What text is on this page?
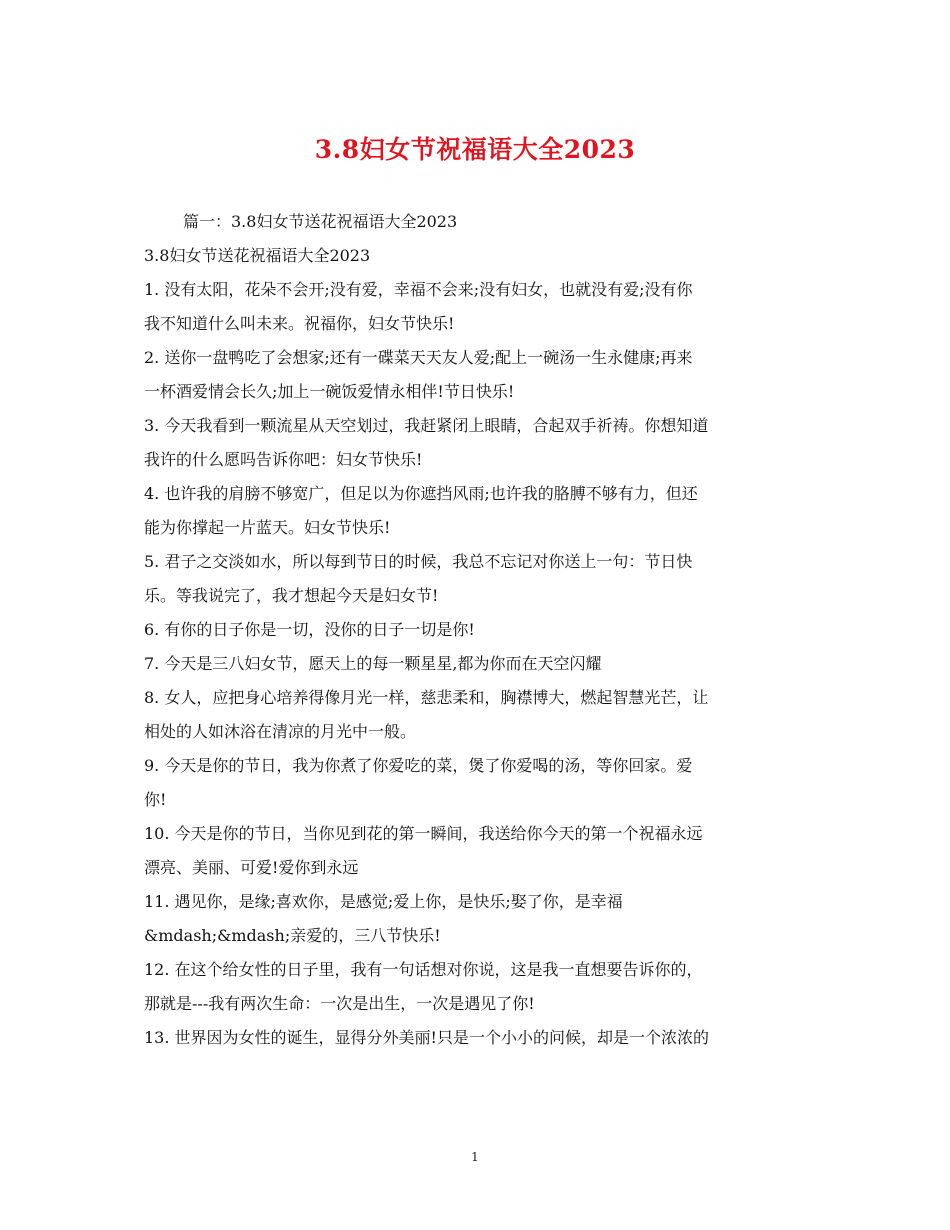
3.8妇女节祝福语大全2023

篇一：3.8妇女节送花祝福语大全2023

3.8妇女节送花祝福语大全2023

1. 没有太阳，花朵不会开;没有爱，幸福不会来;没有妇女，也就没有爱;没有你
我不知道什么叫未来。祝福你，妇女节快乐!
2. 送你一盘鸭吃了会想家;还有一碟菜天天友人爱;配上一碗汤一生永健康;再来
一杯酒爱情会长久;加上一碗饭爱情永相伴!节日快乐!
3. 今天我看到一颗流星从天空划过，我赶紧闭上眼睛，合起双手祈祷。你想知道
我许的什么愿吗告诉你吧：妇女节快乐!
4. 也许我的肩膀不够宽广，但足以为你遮挡风雨;也许我的胳膊不够有力，但还
能为你撑起一片蓝天。妇女节快乐!
5. 君子之交淡如水，所以每到节日的时候，我总不忘记对你送上一句：节日快
乐。等我说完了，我才想起今天是妇女节!
6. 有你的日子你是一切，没你的日子一切是你!
7. 今天是三八妇女节，愿天上的每一颗星星,都为你而在天空闪耀
8. 女人，应把身心培养得像月光一样，慈悲柔和，胸襟博大，燃起智慧光芒，让
相处的人如沐浴在清凉的月光中一般。
9. 今天是你的节日，我为你煮了你爱吃的菜，煲了你爱喝的汤，等你回家。爱
你!
10. 今天是你的节日，当你见到花的第一瞬间，我送给你今天的第一个祝福永远
漂亮、美丽、可爱!爱你到永远
11. 遇见你，是缘;喜欢你，是感觉;爱上你，是快乐;娶了你，是幸福
&mdash;&mdash;亲爱的，三八节快乐!
12. 在这个给女性的日子里，我有一句话想对你说，这是我一直想要告诉你的，
那就是---我有两次生命：一次是出生，一次是遇见了你!
13. 世界因为女性的诞生，显得分外美丽!只是一个小小的问候，却是一个浓浓的
1
